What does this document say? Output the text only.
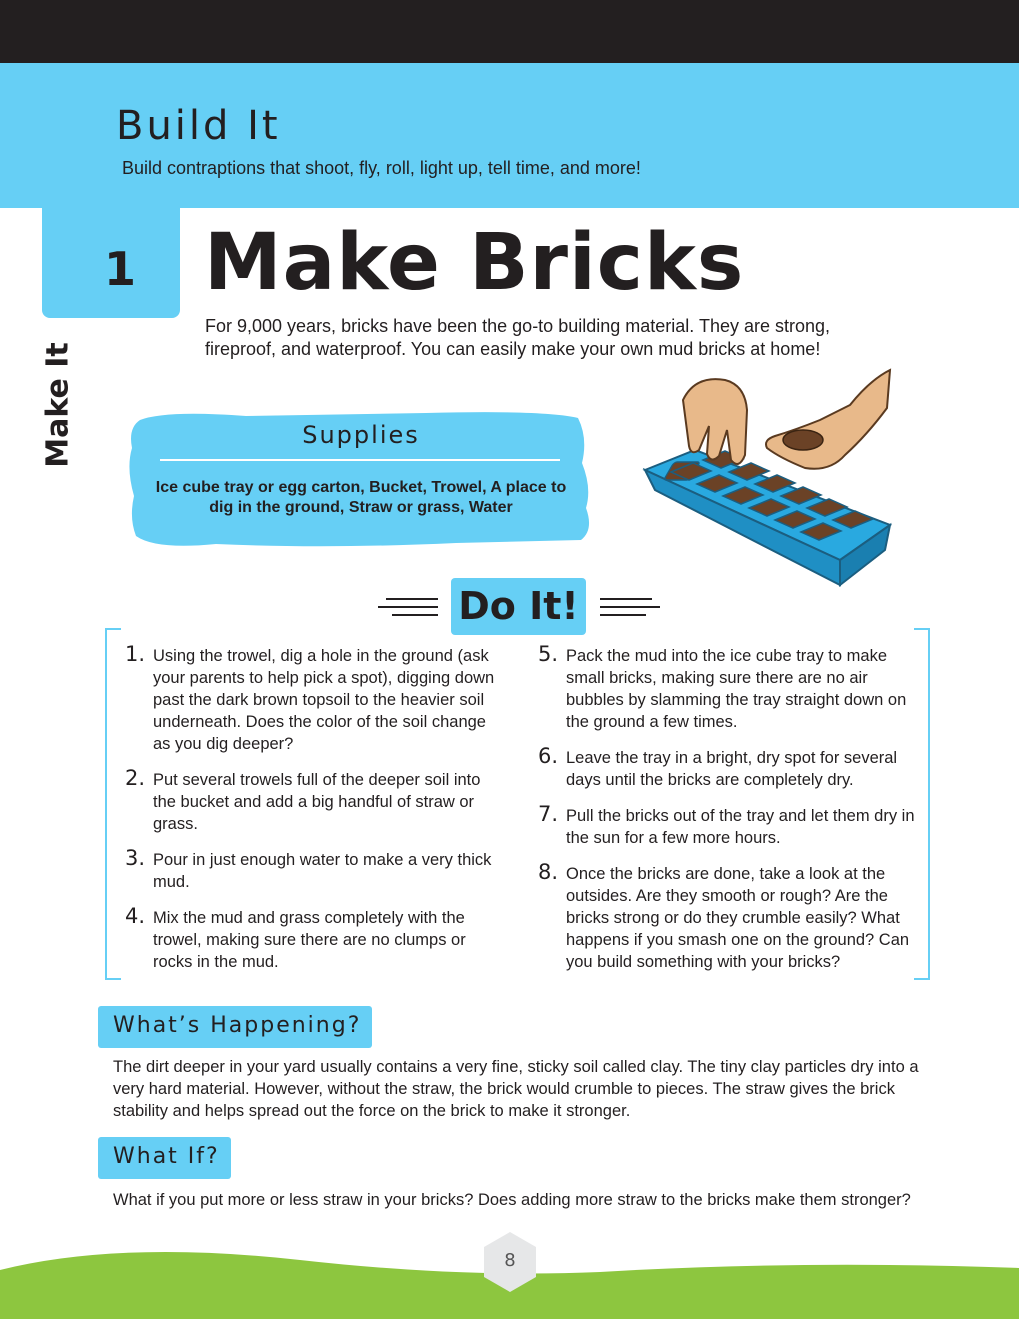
Build It
Build contraptions that shoot, fly, roll, light up, tell time, and more!
1
Make It
Make Bricks
For 9,000 years, bricks have been the go-to building material. They are strong, fireproof, and waterproof. You can easily make your own mud bricks at home!
Supplies
Ice cube tray or egg carton, Bucket, Trowel, A place to dig in the ground, Straw or grass, Water
Do It!
1. Using the trowel, dig a hole in the ground (ask your parents to help pick a spot), digging down past the dark brown topsoil to the heavier soil underneath. Does the color of the soil change as you dig deeper?
2. Put several trowels full of the deeper soil into the bucket and add a big handful of straw or grass.
3. Pour in just enough water to make a very thick mud.
4. Mix the mud and grass completely with the trowel, making sure there are no clumps or rocks in the mud.
5. Pack the mud into the ice cube tray to make small bricks, making sure there are no air bubbles by slamming the tray straight down on the ground a few times.
6. Leave the tray in a bright, dry spot for several days until the bricks are completely dry.
7. Pull the bricks out of the tray and let them dry in the sun for a few more hours.
8. Once the bricks are done, take a look at the outsides. Are they smooth or rough? Are the bricks strong or do they crumble easily? What happens if you smash one on the ground? Can you build something with your bricks?
What’s Happening?
The dirt deeper in your yard usually contains a very fine, sticky soil called clay. The tiny clay particles dry into a very hard material. However, without the straw, the brick would crumble to pieces. The straw gives the brick stability and helps spread out the force on the brick to make it stronger.
What If?
What if you put more or less straw in your bricks? Does adding more straw to the bricks make them stronger?
8
